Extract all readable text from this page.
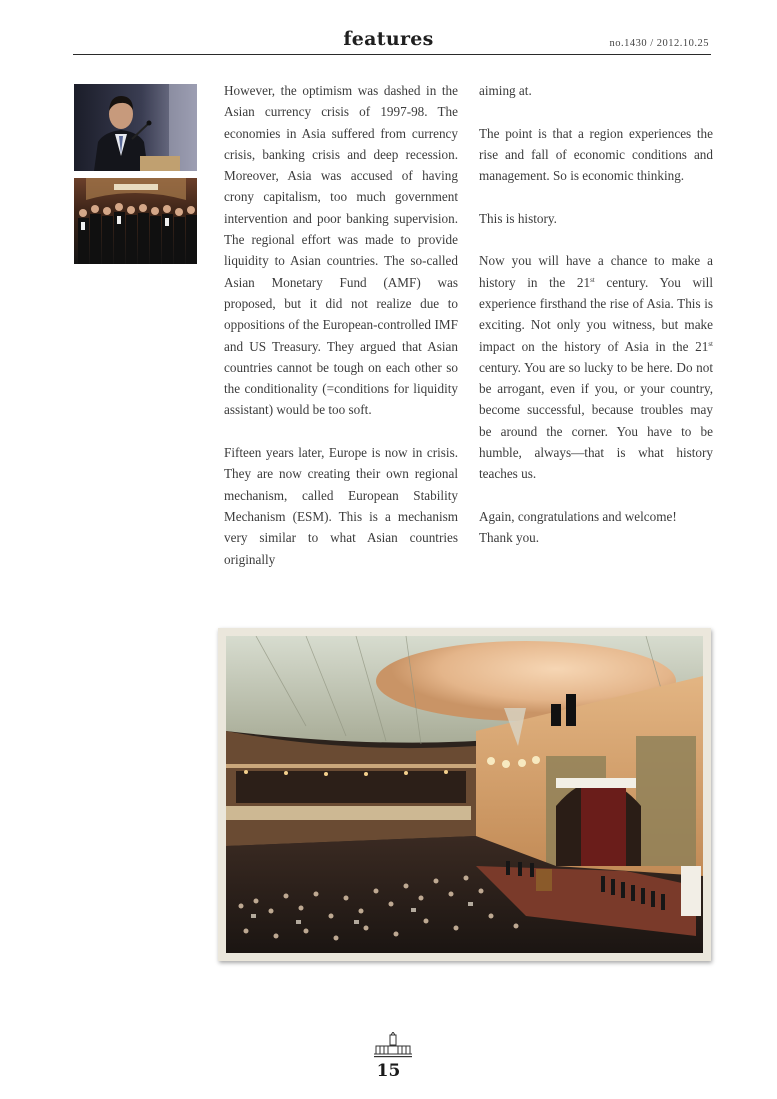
features	no.1430 / 2012.10.25

However, the optimism was dashed in the Asian currency crisis of 1997-98. The economies in Asia suffered from currency crisis, banking crisis and deep recession. Moreover, Asia was accused of having crony capitalism, too much government intervention and poor banking supervision. The regional effort was made to provide liquidity to Asian countries. The so-called Asian Monetary Fund (AMF) was proposed, but it did not realize due to oppositions of the European-controlled IMF and US Treasury. They argued that Asian countries cannot be tough on each other so the conditionality (=conditions for liquidity assistant) would be too soft.

Fifteen years later, Europe is now in crisis. They are now creating their own regional mechanism, called European Stability Mechanism (ESM). This is a mechanism very similar to what Asian countries originally

aiming at.

The point is that a region experiences the rise and fall of economic conditions and management. So is economic thinking.

This is history.

Now you will have a chance to make a history in the 21st century. You will experience firsthand the rise of Asia. This is exciting. Not only you witness, but make impact on the history of Asia in the 21st century. You are so lucky to be here. Do not be arrogant, even if you, or your country, become successful, because troubles may be around the corner. You have to be humble, always—that is what history teaches us.

Again, congratulations and welcome!
Thank you.

15
